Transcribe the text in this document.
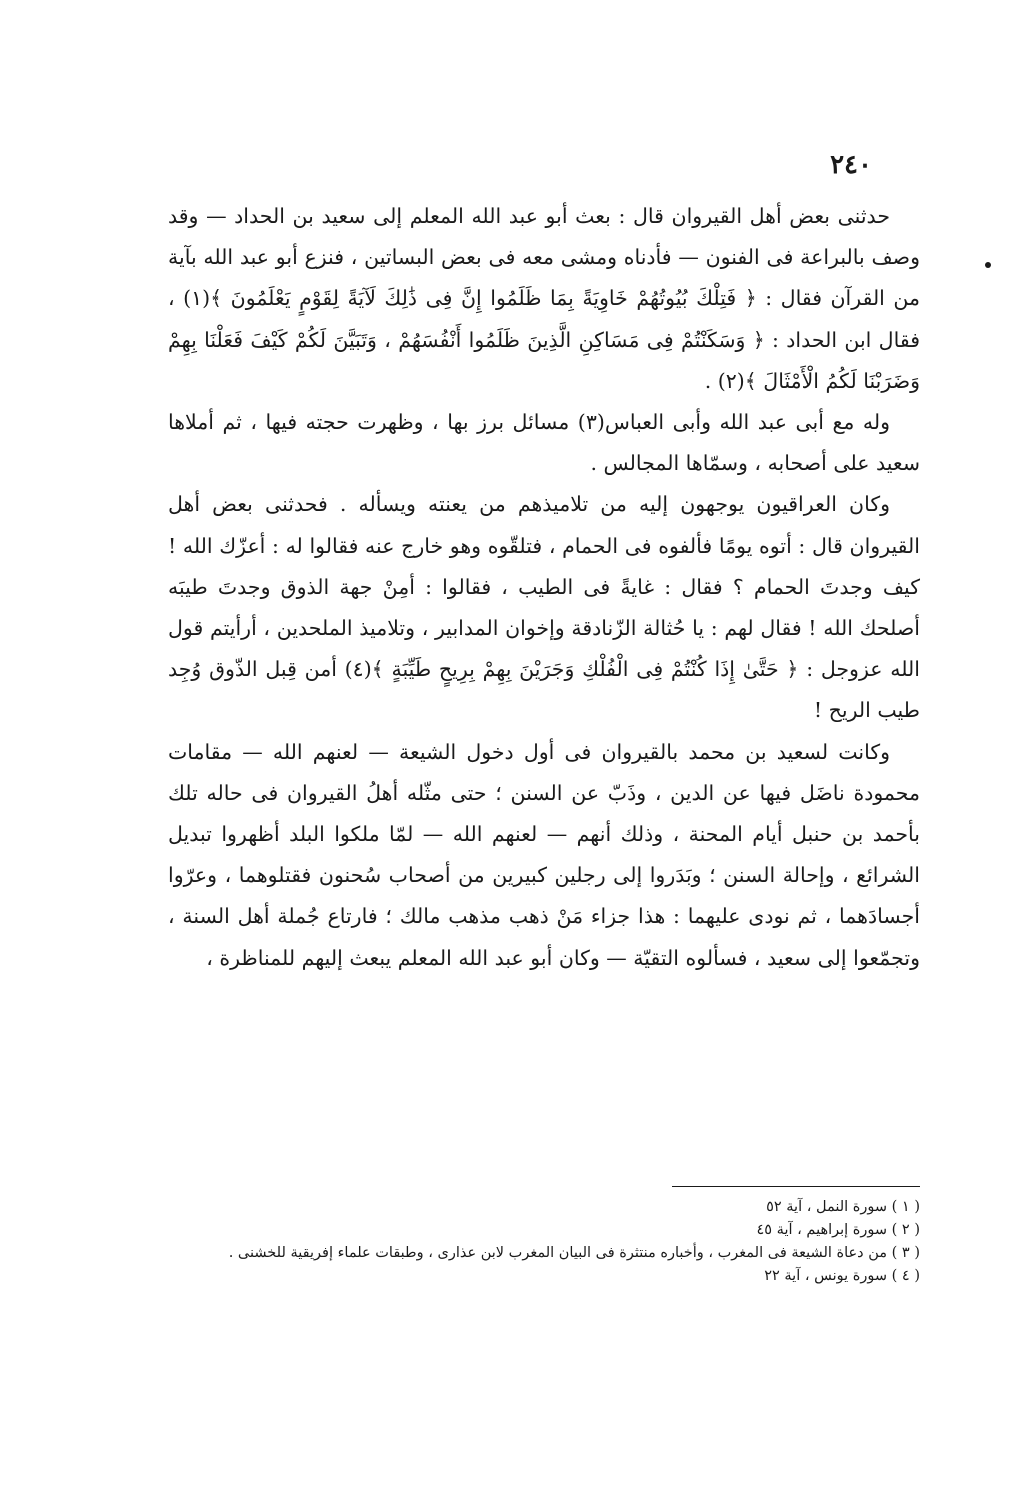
٢٤٠

حدثنى بعض أهل القيروان قال : بعث أبو عبد الله المعلم إلى سعيد بن الحداد — وقد وصف بالبراعة فى الفنون — فأدناه ومشى معه فى بعض البساتين ، فنزع أبو عبد الله بآية من القرآن فقال : ﴿ فَتِلْكَ بُيُوتُهُمْ خَاوِيَةً بِمَا ظَلَمُوا إِنَّ فِى ذَٰلِكَ لَآيَةً لِقَوْمٍ يَعْلَمُونَ ﴾(١) ، فقال ابن الحداد : ﴿ وَسَكَنْتُمْ فِى مَسَاكِنِ الَّذِينَ ظَلَمُوا أَنْفُسَهُمْ ، وَتَبَيَّنَ لَكُمْ كَيْفَ فَعَلْنَا بِهِمْ وَضَرَبْنَا لَكُمُ الْأَمْثَالَ ﴾(٢) .

وله مع أبى عبد الله وأبى العباس(٣) مسائل برز بها ، وظهرت حجته فيها ، ثم أملاها سعيد على أصحابه ، وسمّاها المجالس .

وكان العراقيون يوجهون إليه من تلاميذهم من يعنته ويسأله . فحدثنى بعض أهل القيروان قال : أتوه يومًا فألفوه فى الحمام ، فتلقّوه وهو خارج عنه فقالوا له : أعزّك الله ! كيف وجدتَ الحمام ؟ فقال : غايةً فى الطيب ، فقالوا : أمِنْ جهة الذوق وجدتَ طيبَه أصلحك الله ! فقال لهم : يا حُثالة الزّنادقة وإخوان المدابير ، وتلاميذ الملحدين ، أرأيتم قول الله عزوجل : ﴿ حَتَّىٰ إِذَا كُنْتُمْ فِى الْفُلْكِ وَجَرَيْنَ بِهِمْ بِرِيحٍ طَيِّبَةٍ ﴾(٤) أمن قِبل الذّوق وُجِد طيب الريح !

وكانت لسعيد بن محمد بالقيروان فى أول دخول الشيعة — لعنهم الله — مقامات محمودة ناضَل فيها عن الدين ، وذَبّ عن السنن ؛ حتى مثّله أهلُ القيروان فى حاله تلك بأحمد بن حنبل أيام المحنة ، وذلك أنهم — لعنهم الله — لمّا ملكوا البلد أظهروا تبديل الشرائع ، وإحالة السنن ؛ وبَدَروا إلى رجلين كبيرين من أصحاب سُحنون فقتلوهما ، وعرّوا أجسادَهما ، ثم نودى عليهما : هذا جزاء مَنْ ذهب مذهب مالك ؛ فارتاع جُملة أهل السنة ، وتجمّعوا إلى سعيد ، فسألوه التقيّة — وكان أبو عبد الله المعلم يبعث إليهم للمناظرة ،

( ١ ) سورة النمل ، آية ٥٢

( ٢ ) سورة إبراهيم ، آية ٤٥

( ٣ ) من دعاة الشيعة فى المغرب ، وأخباره منتثرة فى البيان المغرب لابن عذارى ، وطبقات علماء إفريقية للخشنى .

( ٤ ) سورة يونس ، آية ٢٢
